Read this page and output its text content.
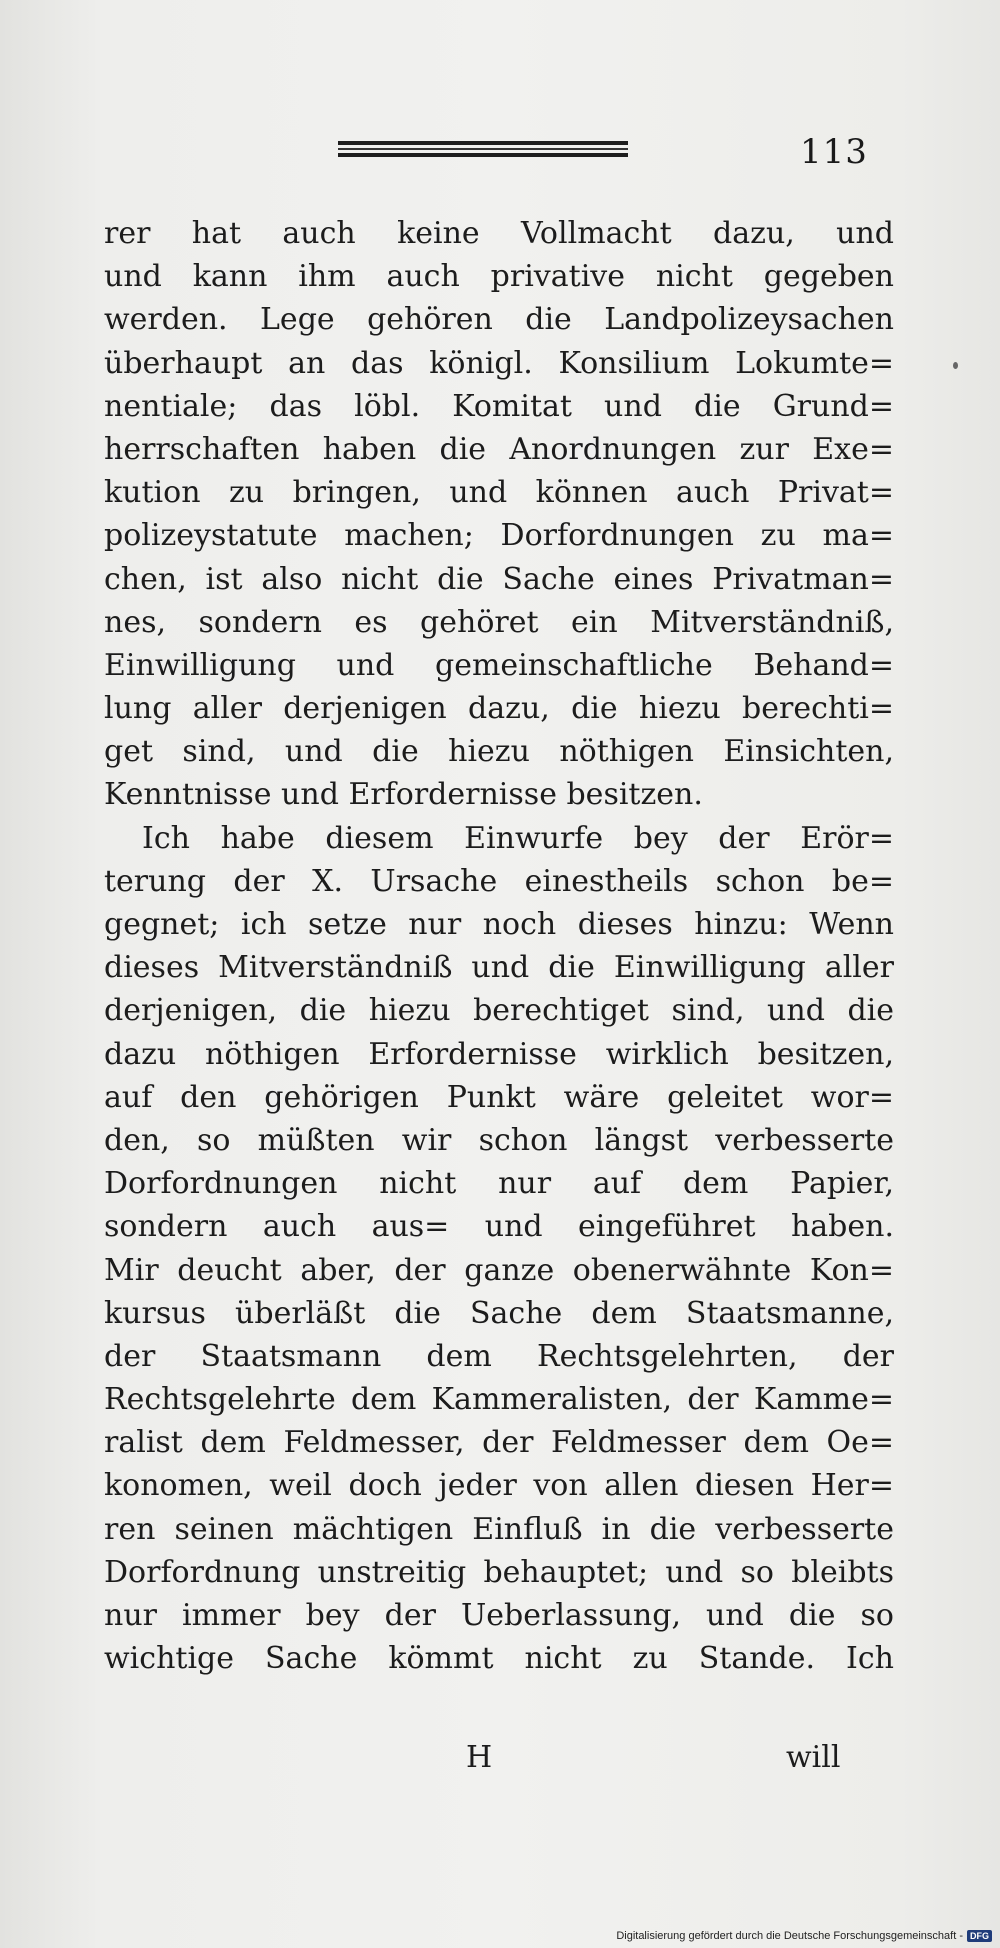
113
rer hat auch keine Vollmacht dazu, und
und kann ihm auch privative nicht gegeben
werden. Lege gehören die Landpolizeysachen
überhaupt an das königl. Konsilium Lokumte=
nentiale; das löbl. Komitat und die Grund=
herrschaften haben die Anordnungen zur Exe=
kution zu bringen, und können auch Privat=
polizeystatute machen; Dorfordnungen zu ma=
chen, ist also nicht die Sache eines Privatman=
nes, sondern es gehöret ein Mitverständniß,
Einwilligung und gemeinschaftliche Behand=
lung aller derjenigen dazu, die hiezu berechti=
get sind, und die hiezu nöthigen Einsichten,
Kenntnisse und Erfordernisse besitzen.
Ich habe diesem Einwurfe bey der Erör=
terung der X. Ursache einestheils schon be=
gegnet; ich setze nur noch dieses hinzu: Wenn
dieses Mitverständniß und die Einwilligung aller
derjenigen, die hiezu berechtiget sind, und die
dazu nöthigen Erfordernisse wirklich besitzen,
auf den gehörigen Punkt wäre geleitet wor=
den, so müßten wir schon längst verbesserte
Dorfordnungen nicht nur auf dem Papier,
sondern auch aus= und eingeführet haben.
Mir deucht aber, der ganze obenerwähnte Kon=
kursus überläßt die Sache dem Staatsmanne,
der Staatsmann dem Rechtsgelehrten, der
Rechtsgelehrte dem Kammeralisten, der Kamme=
ralist dem Feldmesser, der Feldmesser dem Oe=
konomen, weil doch jeder von allen diesen Her=
ren seinen mächtigen Einfluß in die verbesserte
Dorfordnung unstreitig behauptet; und so bleibts
nur immer bey der Ueberlassung, und die so
wichtige Sache kömmt nicht zu Stande. Ich
H	will
Digitalisierung gefördert durch die Deutsche Forschungsgemeinschaft - DFG
